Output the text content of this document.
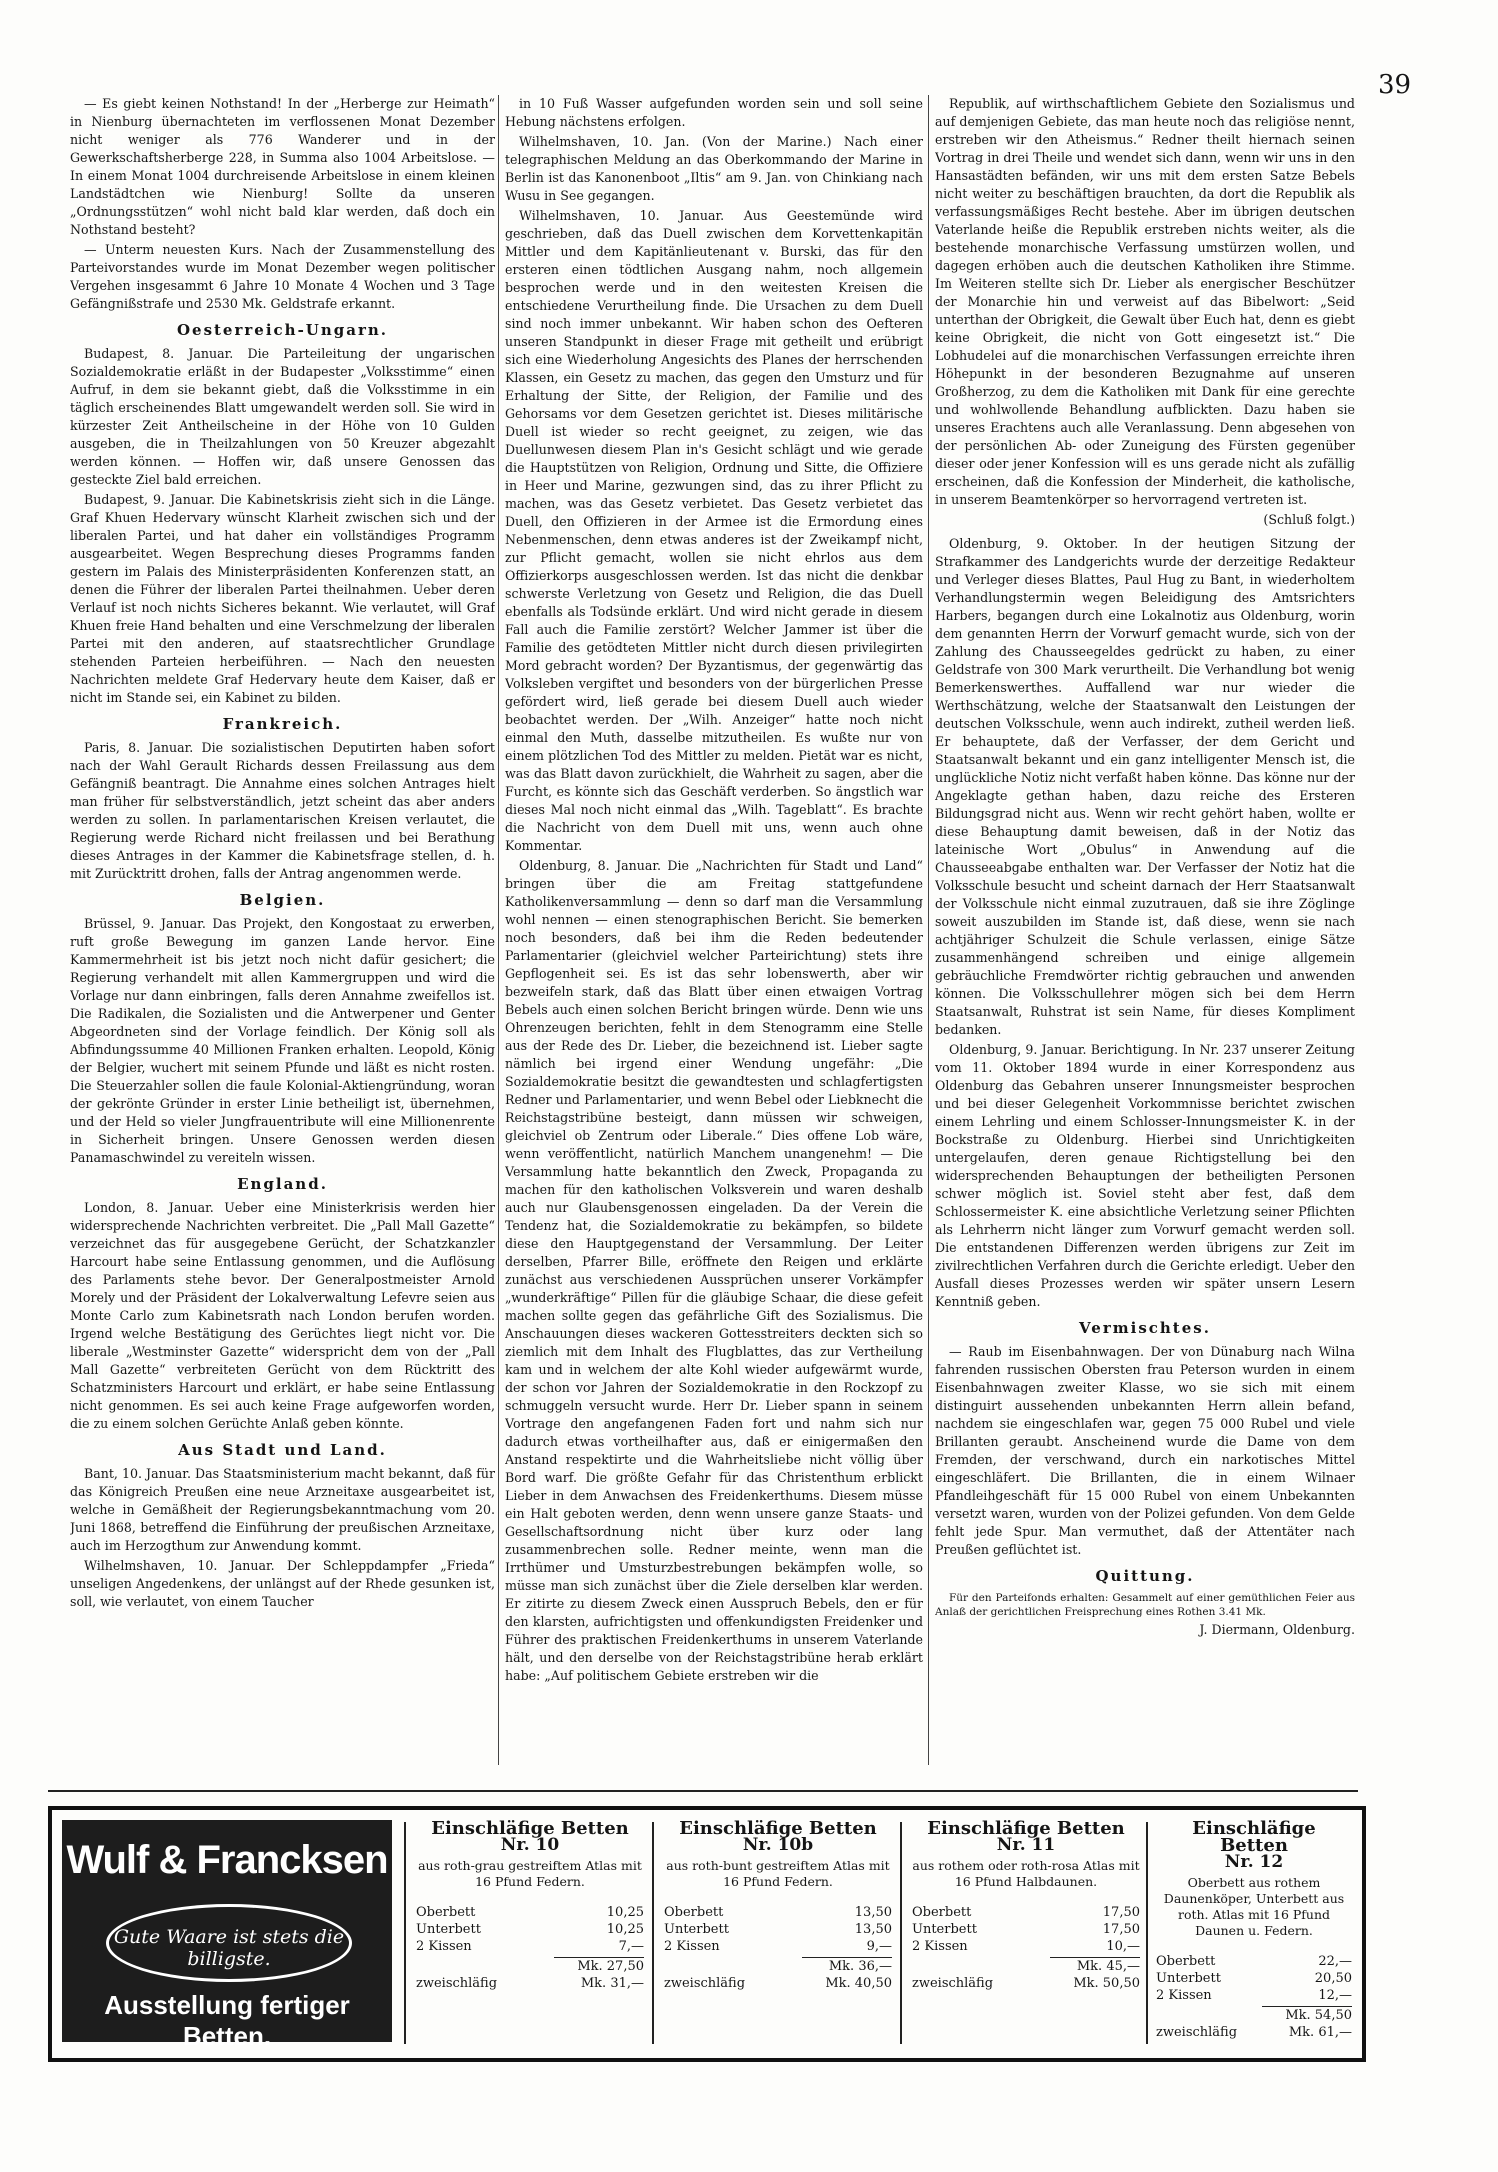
39

— Es giebt keinen Nothstand! In der „Herberge zur Heimath“ in Nienburg übernachteten im verflossenen Monat Dezember nicht weniger als 776 Wanderer und in der Gewerkschaftsherberge 228, in Summa also 1004 Arbeitslose. — In einem Monat 1004 durchreisende Arbeitslose in einem kleinen Landstädtchen wie Nienburg! Sollte da unseren „Ordnungsstützen“ wohl nicht bald klar werden, daß doch ein Nothstand besteht?

— Unterm neuesten Kurs. Nach der Zusammenstellung des Parteivorstandes wurde im Monat Dezember wegen politischer Vergehen insgesammt 6 Jahre 10 Monate 4 Wochen und 3 Tage Gefängnißstrafe und 2530 Mk. Geldstrafe erkannt.

Oesterreich-Ungarn.

Budapest, 8. Januar. Die Parteileitung der ungarischen Sozialdemokratie erläßt in der Budapester „Volksstimme“ einen Aufruf, in dem sie bekannt giebt, daß die Volksstimme in ein täglich erscheinendes Blatt umgewandelt werden soll. Sie wird in kürzester Zeit Antheilscheine in der Höhe von 10 Gulden ausgeben, die in Theilzahlungen von 50 Kreuzer abgezahlt werden können. — Hoffen wir, daß unsere Genossen das gesteckte Ziel bald erreichen.

Budapest, 9. Januar. Die Kabinetskrisis zieht sich in die Länge. Graf Khuen Hedervary wünscht Klarheit zwischen sich und der liberalen Partei, und hat daher ein vollständiges Programm ausgearbeitet. Wegen Besprechung dieses Programms fanden gestern im Palais des Ministerpräsidenten Konferenzen statt, an denen die Führer der liberalen Partei theilnahmen. Ueber deren Verlauf ist noch nichts Sicheres bekannt. Wie verlautet, will Graf Khuen freie Hand behalten und eine Verschmelzung der liberalen Partei mit den anderen, auf staatsrechtlicher Grundlage stehenden Parteien herbeiführen. — Nach den neuesten Nachrichten meldete Graf Hedervary heute dem Kaiser, daß er nicht im Stande sei, ein Kabinet zu bilden.

Frankreich.

Paris, 8. Januar. Die sozialistischen Deputirten haben sofort nach der Wahl Gerault Richards dessen Freilassung aus dem Gefängniß beantragt. Die Annahme eines solchen Antrages hielt man früher für selbstverständlich, jetzt scheint das aber anders werden zu sollen. In parlamentarischen Kreisen verlautet, die Regierung werde Richard nicht freilassen und bei Berathung dieses Antrages in der Kammer die Kabinetsfrage stellen, d. h. mit Zurücktritt drohen, falls der Antrag angenommen werde.

Belgien.

Brüssel, 9. Januar. Das Projekt, den Kongostaat zu erwerben, ruft große Bewegung im ganzen Lande hervor. Eine Kammermehrheit ist bis jetzt noch nicht dafür gesichert; die Regierung verhandelt mit allen Kammergruppen und wird die Vorlage nur dann einbringen, falls deren Annahme zweifellos ist. Die Radikalen, die Sozialisten und die Antwerpener und Genter Abgeordneten sind der Vorlage feindlich. Der König soll als Abfindungssumme 40 Millionen Franken erhalten. Leopold, König der Belgier, wuchert mit seinem Pfunde und läßt es nicht rosten. Die Steuerzahler sollen die faule Kolonial-Aktiengründung, woran der gekrönte Gründer in erster Linie betheiligt ist, übernehmen, und der Held so vieler Jungfrauentribute will eine Millionenrente in Sicherheit bringen. Unsere Genossen werden diesen Panamaschwindel zu vereiteln wissen.

England.

London, 8. Januar. Ueber eine Ministerkrisis werden hier widersprechende Nachrichten verbreitet. Die „Pall Mall Gazette“ verzeichnet das für ausgegebene Gerücht, der Schatzkanzler Harcourt habe seine Entlassung genommen, und die Auflösung des Parlaments stehe bevor. Der Generalpostmeister Arnold Morely und der Präsident der Lokalverwaltung Lefevre seien aus Monte Carlo zum Kabinetsrath nach London berufen worden. Irgend welche Bestätigung des Gerüchtes liegt nicht vor. Die liberale „Westminster Gazette“ widerspricht dem von der „Pall Mall Gazette“ verbreiteten Gerücht von dem Rücktritt des Schatzministers Harcourt und erklärt, er habe seine Entlassung nicht genommen. Es sei auch keine Frage aufgeworfen worden, die zu einem solchen Gerüchte Anlaß geben könnte.

Aus Stadt und Land.

Bant, 10. Januar. Das Staatsministerium macht bekannt, daß für das Königreich Preußen eine neue Arzneitaxe ausgearbeitet ist, welche in Gemäßheit der Regierungsbekanntmachung vom 20. Juni 1868, betreffend die Einführung der preußischen Arzneitaxe, auch im Herzogthum zur Anwendung kommt.

Wilhelmshaven, 10. Januar. Der Schleppdampfer „Frieda“ unseligen Angedenkens, der unlängst auf der Rhede gesunken ist, soll, wie verlautet, von einem Taucher

in 10 Fuß Wasser aufgefunden worden sein und soll seine Hebung nächstens erfolgen.

Wilhelmshaven, 10. Jan. (Von der Marine.) Nach einer telegraphischen Meldung an das Oberkommando der Marine in Berlin ist das Kanonenboot „Iltis“ am 9. Jan. von Chinkiang nach Wusu in See gegangen.

Wilhelmshaven, 10. Januar. Aus Geestemünde wird geschrieben, daß das Duell zwischen dem Korvettenkapitän Mittler und dem Kapitänlieutenant v. Burski, das für den ersteren einen tödtlichen Ausgang nahm, noch allgemein besprochen werde und in den weitesten Kreisen die entschiedene Verurtheilung finde. Die Ursachen zu dem Duell sind noch immer unbekannt. Wir haben schon des Oefteren unseren Standpunkt in dieser Frage mit getheilt und erübrigt sich eine Wiederholung Angesichts des Planes der herrschenden Klassen, ein Gesetz zu machen, das gegen den Umsturz und für Erhaltung der Sitte, der Religion, der Familie und des Gehorsams vor dem Gesetzen gerichtet ist. Dieses militärische Duell ist wieder so recht geeignet, zu zeigen, wie das Duellunwesen diesem Plan in's Gesicht schlägt und wie gerade die Hauptstützen von Religion, Ordnung und Sitte, die Offiziere in Heer und Marine, gezwungen sind, das zu ihrer Pflicht zu machen, was das Gesetz verbietet. Das Gesetz verbietet das Duell, den Offizieren in der Armee ist die Ermordung eines Nebenmenschen, denn etwas anderes ist der Zweikampf nicht, zur Pflicht gemacht, wollen sie nicht ehrlos aus dem Offizierkorps ausgeschlossen werden. Ist das nicht die denkbar schwerste Verletzung von Gesetz und Religion, die das Duell ebenfalls als Todsünde erklärt. Und wird nicht gerade in diesem Fall auch die Familie zerstört? Welcher Jammer ist über die Familie des getödteten Mittler nicht durch diesen privilegirten Mord gebracht worden? Der Byzantismus, der gegenwärtig das Volksleben vergiftet und besonders von der bürgerlichen Presse gefördert wird, ließ gerade bei diesem Duell auch wieder beobachtet werden. Der „Wilh. Anzeiger“ hatte noch nicht einmal den Muth, dasselbe mitzutheilen. Es wußte nur von einem plötzlichen Tod des Mittler zu melden. Pietät war es nicht, was das Blatt davon zurückhielt, die Wahrheit zu sagen, aber die Furcht, es könnte sich das Geschäft verderben. So ängstlich war dieses Mal noch nicht einmal das „Wilh. Tageblatt“. Es brachte die Nachricht von dem Duell mit uns, wenn auch ohne Kommentar.

Oldenburg, 8. Januar. Die „Nachrichten für Stadt und Land“ bringen über die am Freitag stattgefundene Katholikenversammlung — denn so darf man die Versammlung wohl nennen — einen stenographischen Bericht. Sie bemerken noch besonders, daß bei ihm die Reden bedeutender Parlamentarier (gleichviel welcher Parteirichtung) stets ihre Gepflogenheit sei. Es ist das sehr lobenswerth, aber wir bezweifeln stark, daß das Blatt über einen etwaigen Vortrag Bebels auch einen solchen Bericht bringen würde. Denn wie uns Ohrenzeugen berichten, fehlt in dem Stenogramm eine Stelle aus der Rede des Dr. Lieber, die bezeichnend ist. Lieber sagte nämlich bei irgend einer Wendung ungefähr: „Die Sozialdemokratie besitzt die gewandtesten und schlagfertigsten Redner und Parlamentarier, und wenn Bebel oder Liebknecht die Reichstagstribüne besteigt, dann müssen wir schweigen, gleichviel ob Zentrum oder Liberale.“ Dies offene Lob wäre, wenn veröffentlicht, natürlich Manchem unangenehm! — Die Versammlung hatte bekanntlich den Zweck, Propaganda zu machen für den katholischen Volksverein und waren deshalb auch nur Glaubensgenossen eingeladen. Da der Verein die Tendenz hat, die Sozialdemokratie zu bekämpfen, so bildete diese den Hauptgegenstand der Versammlung. Der Leiter derselben, Pfarrer Bille, eröffnete den Reigen und erklärte zunächst aus verschiedenen Aussprüchen unserer Vorkämpfer „wunderkräftige“ Pillen für die gläubige Schaar, die diese gefeit machen sollte gegen das gefährliche Gift des Sozialismus. Die Anschauungen dieses wackeren Gottesstreiters deckten sich so ziemlich mit dem Inhalt des Flugblattes, das zur Vertheilung kam und in welchem der alte Kohl wieder aufgewärmt wurde, der schon vor Jahren der Sozialdemokratie in den Rockzopf zu schmuggeln versucht wurde. Herr Dr. Lieber spann in seinem Vortrage den angefangenen Faden fort und nahm sich nur dadurch etwas vortheilhafter aus, daß er einigermaßen den Anstand respektirte und die Wahrheitsliebe nicht völlig über Bord warf. Die größte Gefahr für das Christenthum erblickt Lieber in dem Anwachsen des Freidenkerthums. Diesem müsse ein Halt geboten werden, denn wenn unsere ganze Staats- und Gesellschaftsordnung nicht über kurz oder lang zusammenbrechen solle. Redner meinte, wenn man die Irrthümer und Umsturzbestrebungen bekämpfen wolle, so müsse man sich zunächst über die Ziele derselben klar werden. Er zitirte zu diesem Zweck einen Ausspruch Bebels, den er für den klarsten, aufrichtigsten und offenkundigsten Freidenker und Führer des praktischen Freidenkerthums in unserem Vaterlande hält, und den derselbe von der Reichstagstribüne herab erklärt habe: „Auf politischem Gebiete erstreben wir die

Republik, auf wirthschaftlichem Gebiete den Sozialismus und auf demjenigen Gebiete, das man heute noch das religiöse nennt, erstreben wir den Atheismus.“ Redner theilt hiernach seinen Vortrag in drei Theile und wendet sich dann, wenn wir uns in den Hansastädten befänden, wir uns mit dem ersten Satze Bebels nicht weiter zu beschäftigen brauchten, da dort die Republik als verfassungsmäßiges Recht bestehe. Aber im übrigen deutschen Vaterlande heiße die Republik erstreben nichts weiter, als die bestehende monarchische Verfassung umstürzen wollen, und dagegen erhöben auch die deutschen Katholiken ihre Stimme. Im Weiteren stellte sich Dr. Lieber als energischer Beschützer der Monarchie hin und verweist auf das Bibelwort: „Seid unterthan der Obrigkeit, die Gewalt über Euch hat, denn es giebt keine Obrigkeit, die nicht von Gott eingesetzt ist.“ Die Lobhudelei auf die monarchischen Verfassungen erreichte ihren Höhepunkt in der besonderen Bezugnahme auf unseren Großherzog, zu dem die Katholiken mit Dank für eine gerechte und wohlwollende Behandlung aufblickten. Dazu haben sie unseres Erachtens auch alle Veranlassung. Denn abgesehen von der persönlichen Ab- oder Zuneigung des Fürsten gegenüber dieser oder jener Konfession will es uns gerade nicht als zufällig erscheinen, daß die Konfession der Minderheit, die katholische, in unserem Beamtenkörper so hervorragend vertreten ist.

(Schluß folgt.)

Oldenburg, 9. Oktober. In der heutigen Sitzung der Strafkammer des Landgerichts wurde der derzeitige Redakteur und Verleger dieses Blattes, Paul Hug zu Bant, in wiederholtem Verhandlungstermin wegen Beleidigung des Amtsrichters Harbers, begangen durch eine Lokalnotiz aus Oldenburg, worin dem genannten Herrn der Vorwurf gemacht wurde, sich von der Zahlung des Chausseegeldes gedrückt zu haben, zu einer Geldstrafe von 300 Mark verurtheilt. Die Verhandlung bot wenig Bemerkenswerthes. Auffallend war nur wieder die Werthschätzung, welche der Staatsanwalt den Leistungen der deutschen Volksschule, wenn auch indirekt, zutheil werden ließ. Er behauptete, daß der Verfasser, der dem Gericht und Staatsanwalt bekannt und ein ganz intelligenter Mensch ist, die unglückliche Notiz nicht verfaßt haben könne. Das könne nur der Angeklagte gethan haben, dazu reiche des Ersteren Bildungsgrad nicht aus. Wenn wir recht gehört haben, wollte er diese Behauptung damit beweisen, daß in der Notiz das lateinische Wort „Obulus“ in Anwendung auf die Chausseeabgabe enthalten war. Der Verfasser der Notiz hat die Volksschule besucht und scheint darnach der Herr Staatsanwalt der Volksschule nicht einmal zuzutrauen, daß sie ihre Zöglinge soweit auszubilden im Stande ist, daß diese, wenn sie nach achtjähriger Schulzeit die Schule verlassen, einige Sätze zusammenhängend schreiben und einige allgemein gebräuchliche Fremdwörter richtig gebrauchen und anwenden können. Die Volksschullehrer mögen sich bei dem Herrn Staatsanwalt, Ruhstrat ist sein Name, für dieses Kompliment bedanken.

Oldenburg, 9. Januar. Berichtigung. In Nr. 237 unserer Zeitung vom 11. Oktober 1894 wurde in einer Korrespondenz aus Oldenburg das Gebahren unserer Innungsmeister besprochen und bei dieser Gelegenheit Vorkommnisse berichtet zwischen einem Lehrling und einem Schlosser-Innungsmeister K. in der Bockstraße zu Oldenburg. Hierbei sind Unrichtigkeiten untergelaufen, deren genaue Richtigstellung bei den widersprechenden Behauptungen der betheiligten Personen schwer möglich ist. Soviel steht aber fest, daß dem Schlossermeister K. eine absichtliche Verletzung seiner Pflichten als Lehrherrn nicht länger zum Vorwurf gemacht werden soll. Die entstandenen Differenzen werden übrigens zur Zeit im zivilrechtlichen Verfahren durch die Gerichte erledigt. Ueber den Ausfall dieses Prozesses werden wir später unsern Lesern Kenntniß geben.

Vermischtes.

— Raub im Eisenbahnwagen. Der von Dünaburg nach Wilna fahrenden russischen Obersten frau Peterson wurden in einem Eisenbahnwagen zweiter Klasse, wo sie sich mit einem distinguirt aussehenden unbekannten Herrn allein befand, nachdem sie eingeschlafen war, gegen 75 000 Rubel und viele Brillanten geraubt. Anscheinend wurde die Dame von dem Fremden, der verschwand, durch ein narkotisches Mittel eingeschläfert. Die Brillanten, die in einem Wilnaer Pfandleihgeschäft für 15 000 Rubel von einem Unbekannten versetzt waren, wurden von der Polizei gefunden. Von dem Gelde fehlt jede Spur. Man vermuthet, daß der Attentäter nach Preußen geflüchtet ist.

Quittung.

Für den Parteifonds erhalten: Gesammelt auf einer gemüthlichen Feier aus Anlaß der gerichtlichen Freisprechung eines Rothen 3.41 Mk.

J. Diermann, Oldenburg.
Wulf & Francksen
Gute Waare ist stets die billigste.
Ausstellung fertiger Betten.
Einschläfige Betten
Nr. 10
aus roth-grau gestreiftem Atlas mit 16 Pfund Federn.
Oberbett	10,25
Unterbett	10,25
2 Kissen	7,—
Mk. 27,50
zweischläfig	Mk. 31,—
Einschläfige Betten
Nr. 10b
aus roth-bunt gestreiftem Atlas mit 16 Pfund Federn.
Oberbett	13,50
Unterbett	13,50
2 Kissen	9,—
Mk. 36,—
zweischläfig	Mk. 40,50
Einschläfige Betten
Nr. 11
aus rothem oder roth-rosa Atlas mit 16 Pfund Halbdaunen.
Oberbett	17,50
Unterbett	17,50
2 Kissen	10,—
Mk. 45,—
zweischläfig	Mk. 50,50
Einschläfige Betten
Nr. 12
Oberbett aus rothem Daunenköper, Unterbett aus roth. Atlas mit 16 Pfund Daunen u. Federn.
Oberbett	22,—
Unterbett	20,50
2 Kissen	12,—
Mk. 54,50
zweischläfig	Mk. 61,—
